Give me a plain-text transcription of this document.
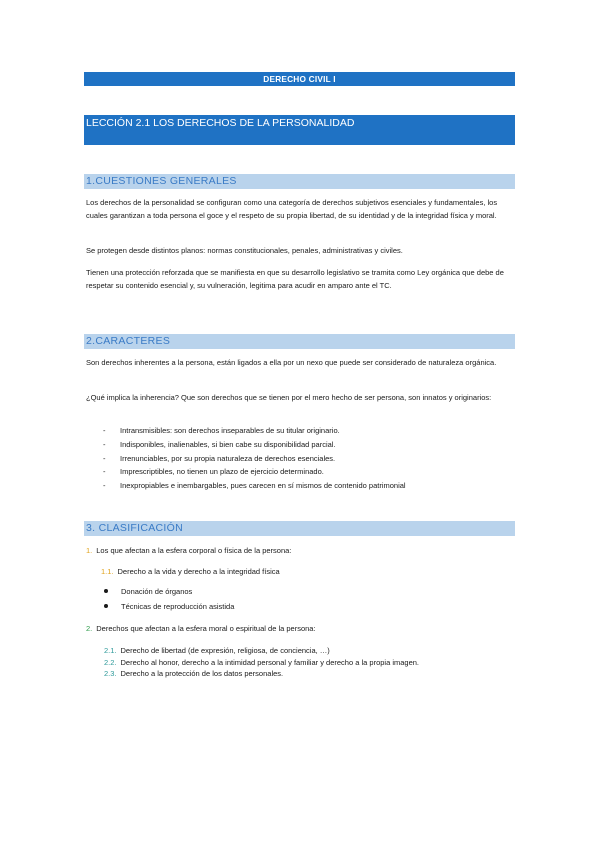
DERECHO CIVIL I
LECCIÓN 2.1 LOS DERECHOS DE LA PERSONALIDAD
1.CUESTIONES GENERALES
Los derechos de la personalidad se configuran como una categoría de derechos subjetivos esenciales y fundamentales, los cuales garantizan a toda persona el goce y el respeto de su propia libertad, de su identidad y de la integridad física y moral.
Se protegen desde distintos planos: normas constitucionales, penales, administrativas y civiles.
Tienen una protección reforzada que se manifiesta en que su desarrollo legislativo se tramita como Ley orgánica que debe de respetar su contenido esencial y, su vulneración, legitima para acudir en amparo ante el TC.
2.CARACTERES
Son derechos inherentes a la persona, están ligados a ella por un nexo que puede ser considerado de naturaleza orgánica.
¿Qué implica la inherencia? Que son derechos que se tienen por el mero hecho de ser persona, son innatos y originarios:
- Intransmisibles: son derechos inseparables de su titular originario.
- Indisponibles, inalienables, si bien cabe su disponibilidad parcial.
- Irrenunciables, por su propia naturaleza de derechos esenciales.
- Imprescriptibles, no tienen un plazo de ejercicio determinado.
- Inexpropiables e inembargables, pues carecen en sí mismos de contenido patrimonial
3. CLASIFICACIÓN
1. Los que afectan a la esfera corporal o física de la persona:
1.1. Derecho a la vida y derecho a la integridad física
Donación de órganos
Técnicas de reproducción asistida
2. Derechos que afectan a la esfera moral o espiritual de la persona:
2.1. Derecho de libertad (de expresión, religiosa, de conciencia, …)
2.2. Derecho al honor, derecho a la intimidad personal y familiar y derecho a la propia imagen.
2.3. Derecho a la protección de los datos personales.
